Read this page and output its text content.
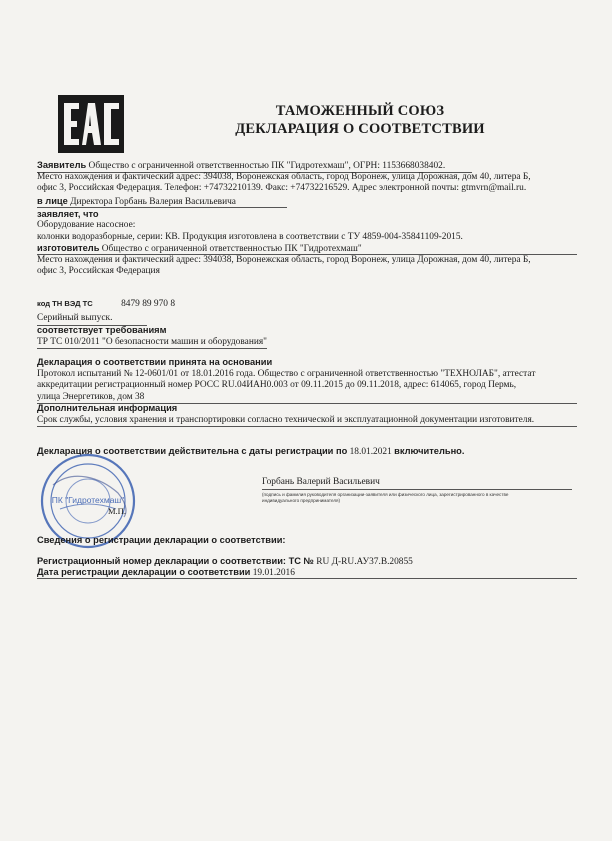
ТАМОЖЕННЫЙ СОЮЗ
ДЕКЛАРАЦИЯ О СООТВЕТСТВИИ
Заявитель Общество с ограниченной ответственностью ПК "Гидротехмаш", ОГРН: 1153668038402.
Место нахождения и фактический адрес: 394038, Воронежская область, город Воронеж, улица Дорожная, дом 40, литера Б,
офис 3, Российская Федерация. Телефон: +74732210139. Факс: +74732216529. Адрес электронной почты: gtmvrn@mail.ru.
в лице Директора Горбань Валерия Васильевича
заявляет, что
Оборудование насосное:
колонки водоразборные, серии: КВ. Продукция изготовлена в соответствии с ТУ 4859-004-35841109-2015.
изготовитель Общество с ограниченной ответственностью ПК "Гидротехмаш"
Место нахождения и фактический адрес: 394038, Воронежская область, город Воронеж, улица Дорожная, дом 40, литера Б,
офис 3, Российская Федерация
код ТН ВЭД ТС	8479 89 970 8
Серийный выпуск.
соответствует требованиям
ТР ТС 010/2011 "О безопасности машин и оборудования"
Декларация о соответствии принята на основании
Протокол испытаний № 12-0601/01 от 18.01.2016 года. Общество с ограниченной ответственностью "ТЕХНОЛАБ", аттестат
аккредитации регистрационный номер РОСС RU.04ИАН0.003 от 09.11.2015 до 09.11.2018, адрес: 614065, город Пермь,
улица Энергетиков, дом 38
Дополнительная информация
Срок службы, условия хранения и транспортировки согласно технической и эксплуатационной документации изготовителя.
Декларация о соответствии действительна с даты регистрации по 18.01.2021 включительно.
ПК "Гидротехмаш"
Горбань Валерий Васильевич
(подпись и фамилия руководителя организации-заявителя или физического лица, зарегистрированного в качестве
индивидуального предпринимателя)
М.П.
Сведения о регистрации декларации о соответствии:
Регистрационный номер декларации о соответствии: ТС № RU Д-RU.АУ37.В.20855
Дата регистрации декларации о соответствии 19.01.2016
